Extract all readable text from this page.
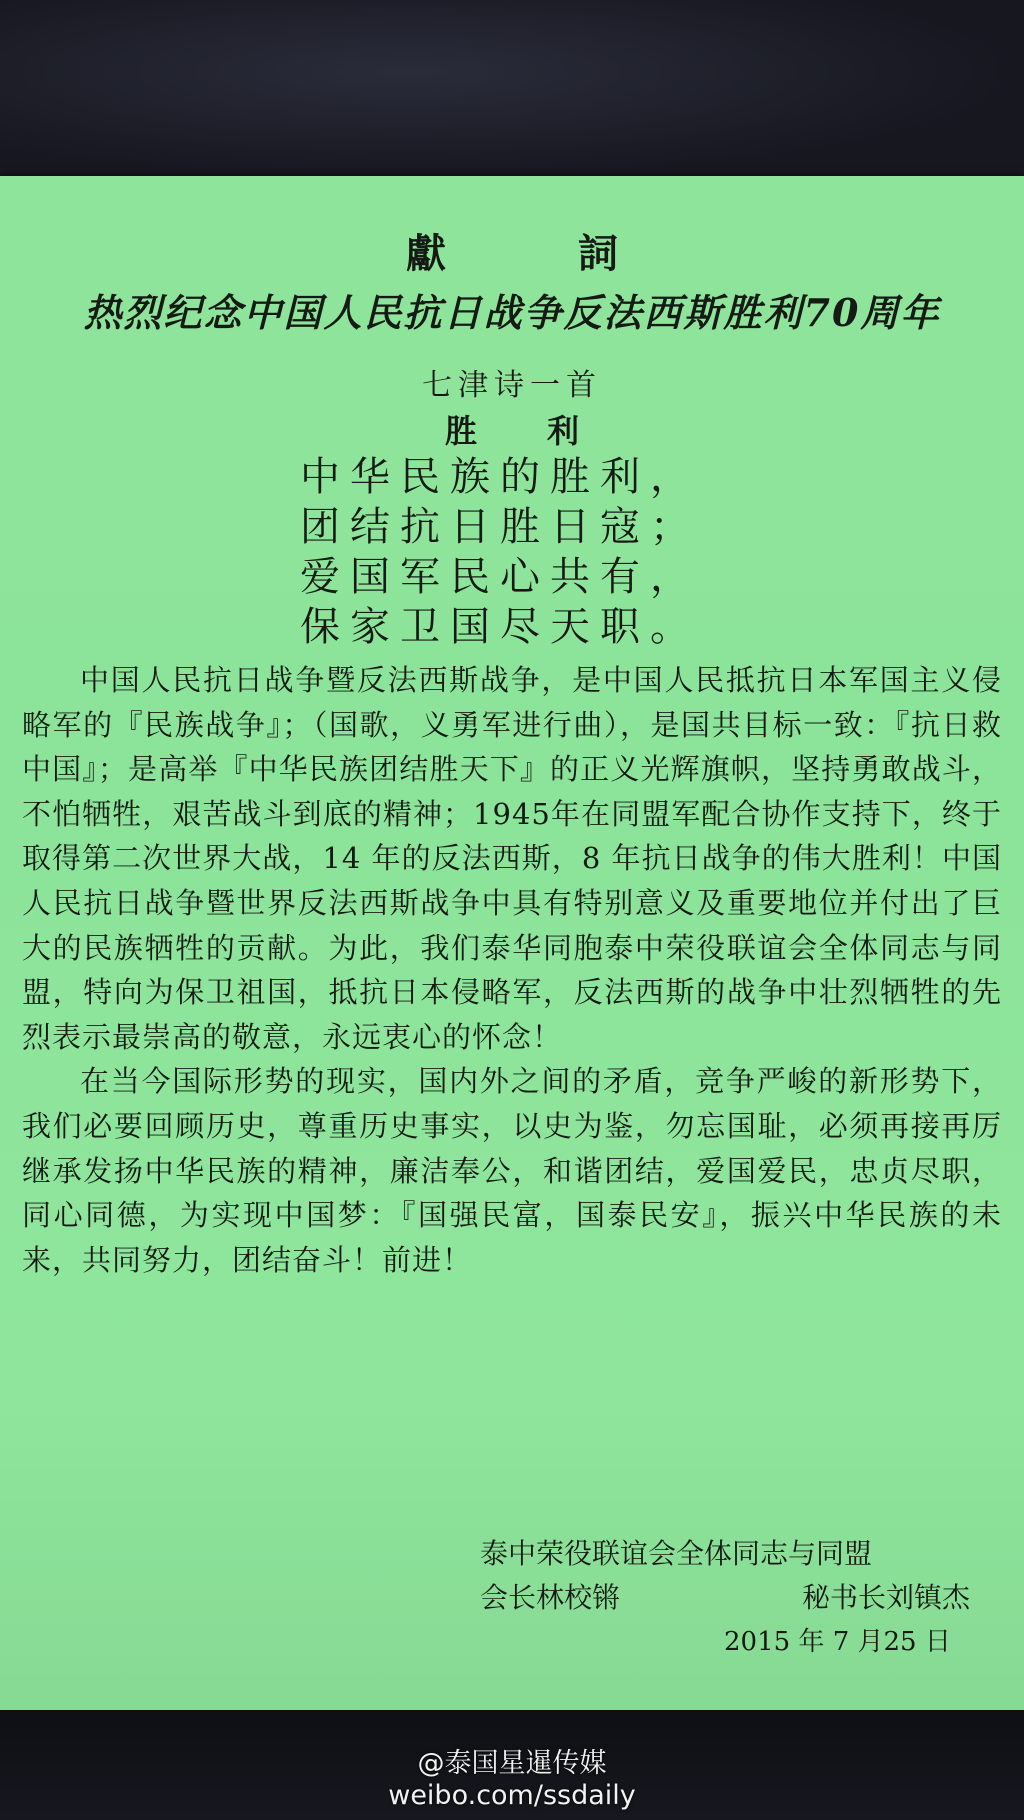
獻　詞
热烈纪念中国人民抗日战争反法西斯胜利70周年
七津诗一首
胜利
中华民族的胜利，
团结抗日胜日寇；
爱国军民心共有，
保家卫国尽天职。

中国人民抗日战争暨反法西斯战争，是中国人民抵抗日本军国主义侵略军的『民族战争』；（国歌，义勇军进行曲），是国共目标一致：『抗日救中国』；是高举『中华民族团结胜天下』的正义光辉旗帜，坚持勇敢战斗，不怕牺牲，艰苦战斗到底的精神；1945年在同盟军配合协作支持下，终于取得第二次世界大战，14 年的反法西斯，8 年抗日战争的伟大胜利！中国人民抗日战争暨世界反法西斯战争中具有特别意义及重要地位并付出了巨大的民族牺牲的贡献。为此，我们泰华同胞泰中荣役联谊会全体同志与同盟，特向为保卫祖国，抵抗日本侵略军，反法西斯的战争中壮烈牺牲的先烈表示最崇高的敬意，永远衷心的怀念！

在当今国际形势的现实，国内外之间的矛盾，竞争严峻的新形势下，我们必要回顾历史，尊重历史事实，以史为鉴，勿忘国耻，必须再接再厉继承发扬中华民族的精神，廉洁奉公，和谐团结，爱国爱民，忠贞尽职，同心同德，为实现中国梦：『国强民富，国泰民安』，振兴中华民族的未来，共同努力，团结奋斗！前进！

泰中荣役联谊会全体同志与同盟
会长林校锵	秘书长刘镇杰
2015 年 7 月25 日
@泰国星暹传媒
weibo.com/ssdaily
